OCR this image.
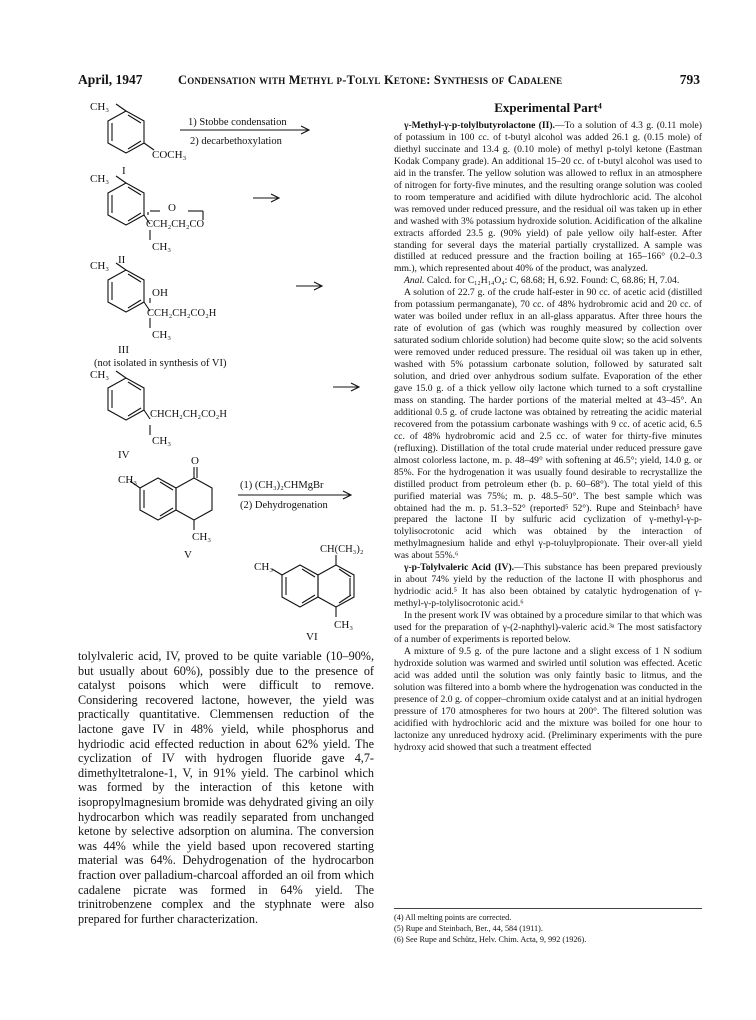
April, 1947	Condensation with Methyl p-Tolyl Ketone: Synthesis of Cadalene	793
CH₃
COCH₃
I
1) Stobbe condensation
2) decarbethoxylation
CH₃
O
CCH₂CH₂CO
CH₃
II
CH₃
OH
CCH₂CH₂CO₂H
CH₃
III
(not isolated in synthesis of VI)
CH₃
CHCH₂CH₂CO₂H
CH₃
IV
CH₃
O
CH₃
V
(1) (CH₃)₂CHMgBr
(2) Dehydrogenation
CH(CH₃)₂
CH₃
CH₃
VI
tolylvaleric acid, IV, proved to be quite variable (10–90%, but usually about 60%), possibly due to the presence of catalyst poisons which were difficult to remove. Considering recovered lactone, however, the yield was practically quantitative. Clemmensen reduction of the lactone gave IV in 48% yield, while phosphorus and hydriodic acid effected reduction in about 62% yield. The cyclization of IV with hydrogen fluoride gave 4,7-dimethyltetralone-1, V, in 91% yield. The carbinol which was formed by the interaction of this ketone with isopropylmagnesium bromide was dehydrated giving an oily hydrocarbon which was readily separated from unchanged ketone by selective adsorption on alumina. The conversion was 44% while the yield based upon recovered starting material was 64%. Dehydrogenation of the hydrocarbon fraction over palladium-charcoal afforded an oil from which cadalene picrate was formed in 64% yield. The trinitrobenzene complex and the styphnate were also prepared for further characterization.
Experimental Part⁴

γ-Methyl-γ-p-tolylbutyrolactone (II).—To a solution of 4.3 g. (0.11 mole) of potassium in 100 cc. of t-butyl alcohol was added 26.1 g. (0.15 mole) of diethyl succinate and 13.4 g. (0.10 mole) of methyl p-tolyl ketone (Eastman Kodak Company grade). An additional 15–20 cc. of t-butyl alcohol was used to aid in the transfer. The yellow solution was allowed to reflux in an atmosphere of nitrogen for forty-five minutes, and the resulting orange solution was cooled to room temperature and acidified with dilute hydrochloric acid. The alcohol was removed under reduced pressure, and the residual oil was taken up in ether and washed with 3% potassium hydroxide solution. Acidification of the alkaline extracts afforded 23.5 g. (90% yield) of pale yellow oily half-ester. After standing for several days the material partially crystallized. A sample was distilled at reduced pressure and the fraction boiling at 165–166° (0.2–0.3 mm.), which represented about 40% of the product, was analyzed.

Anal. Calcd. for C₁₂H₁₄O₄: C, 68.68; H, 6.92. Found: C, 68.86; H, 7.04.

A solution of 22.7 g. of the crude half-ester in 90 cc. of acetic acid (distilled from potassium permanganate), 70 cc. of 48% hydrobromic acid and 20 cc. of water was boiled under reflux in an all-glass apparatus. After three hours the rate of evolution of gas (which was roughly measured by collection over saturated sodium chloride solution) had become quite slow; so the acid solvents were removed under reduced pressure. The residual oil was taken up in ether, washed with 5% potassium carbonate solution, followed by saturated salt solution, and dried over anhydrous sodium sulfate. Evaporation of the ether gave 15.0 g. of a thick yellow oily lactone which turned to a soft crystalline mass on standing. The harder portions of the material melted at 43–45°. An additional 0.5 g. of crude lactone was obtained by retreating the acidic material recovered from the potassium carbonate washings with 9 cc. of acetic acid, 6.5 cc. of 48% hydrobromic acid and 2.5 cc. of water for thirty-five minutes (refluxing). Distillation of the total crude material under reduced pressure gave almost colorless lactone, m. p. 48–49° with softening at 46.5°; yield, 14.0 g. or 85%. For the hydrogenation it was usually found desirable to recrystallize the distilled product from petroleum ether (b. p. 60–68°). The total yield of this purified material was 75%; m. p. 48.5–50°. The best sample which was obtained had the m. p. 51.3–52° (reported⁵ 52°). Rupe and Steinbach⁵ have prepared the lactone II by sulfuric acid cyclization of γ-methyl-γ-p-tolylisocrotonic acid which was obtained by the interaction of methylmagnesium halide and ethyl γ-p-toluylpropionate. Their over-all yield was about 55%.⁶

γ-p-Tolylvaleric Acid (IV).—This substance has been prepared previously in about 74% yield by the reduction of the lactone II with phosphorus and hydriodic acid.⁵ It has also been obtained by catalytic hydrogenation of γ-methyl-γ-p-tolylisocrotonic acid.⁶

In the present work IV was obtained by a procedure similar to that which was used for the preparation of γ-(2-naphthyl)-valeric acid.³ᵃ The most satisfactory of a number of experiments is reported below.

A mixture of 9.5 g. of the pure lactone and a slight excess of 1 N sodium hydroxide solution was warmed and swirled until solution was effected. Acetic acid was added until the solution was only faintly basic to litmus, and the solution was filtered into a bomb where the hydrogenation was conducted in the presence of 2.0 g. of copper–chromium oxide catalyst and at an initial hydrogen pressure of 170 atmospheres for two hours at 200°. The filtered solution was acidified with hydrochloric acid and the mixture was boiled for one hour to lactonize any unreduced hydroxy acid. (Preliminary experiments with the pure hydroxy acid showed that such a treatment effected

(4) All melting points are corrected.
(5) Rupe and Steinbach, Ber., 44, 584 (1911).
(6) See Rupe and Schütz, Helv. Chim. Acta, 9, 992 (1926).
